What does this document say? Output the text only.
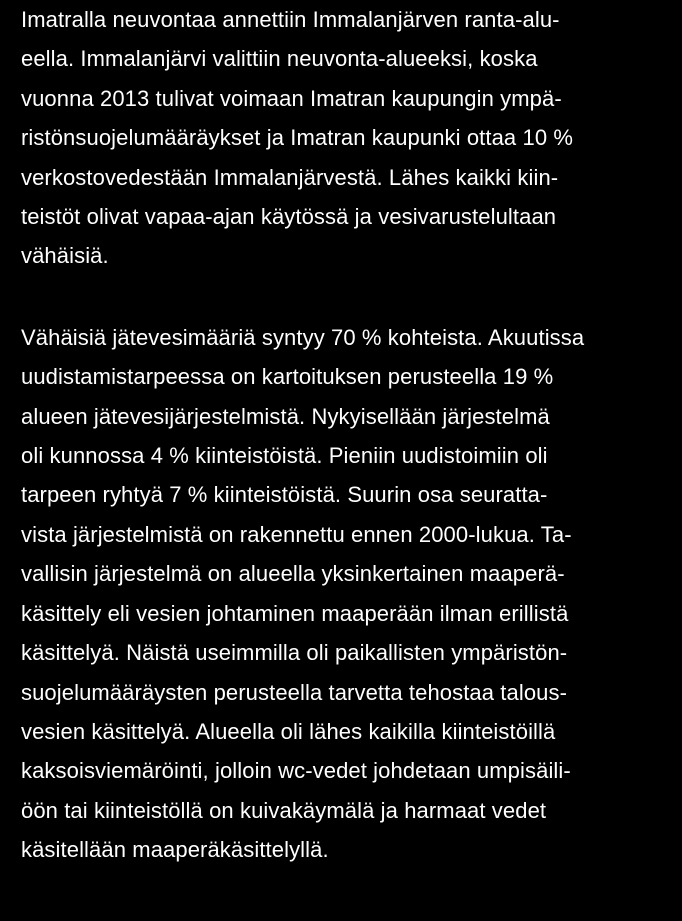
Imatralla neuvontaa annettiin Immalanjärven ranta-alu-
eella. Immalanjärvi valittiin neuvonta-alueeksi, koska
vuonna 2013 tulivat voimaan Imatran kaupungin ympä-
ristönsuojelumääräykset ja Imatran kaupunki ottaa 10 %
verkostovedestään Immalanjärvestä. Lähes kaikki kiin-
teistöt olivat vapaa-ajan käytössä ja vesivarustelultaan
vähäisiä.
Vähäisiä jätevesimääriä syntyy 70 % kohteista. Akuutissa
uudistamistarpeessa on kartoituksen perusteella 19 %
alueen jätevesijärjestelmistä. Nykyisellään järjestelmä
oli kunnossa 4 % kiinteistöistä. Pieniin uudistoimiin oli
tarpeen ryhtyä 7 % kiinteistöistä. Suurin osa seuratta-
vista järjestelmistä on rakennettu ennen 2000-lukua. Ta-
vallisin järjestelmä on alueella yksinkertainen maaperä-
käsittely eli vesien johtaminen maaperään ilman erillistä
käsittelyä. Näistä useimmilla oli paikallisten ympäristön-
suojelumääräysten perusteella tarvetta tehostaa talous-
vesien käsittelyä. Alueella oli lähes kaikilla kiinteistöillä
kaksoisviemäröinti, jolloin wc-vedet johdetaan umpisäili-
öön tai kiinteistöllä on kuivakäymälä ja harmaat vedet
käsitellään maaperäkäsittelyllä.
